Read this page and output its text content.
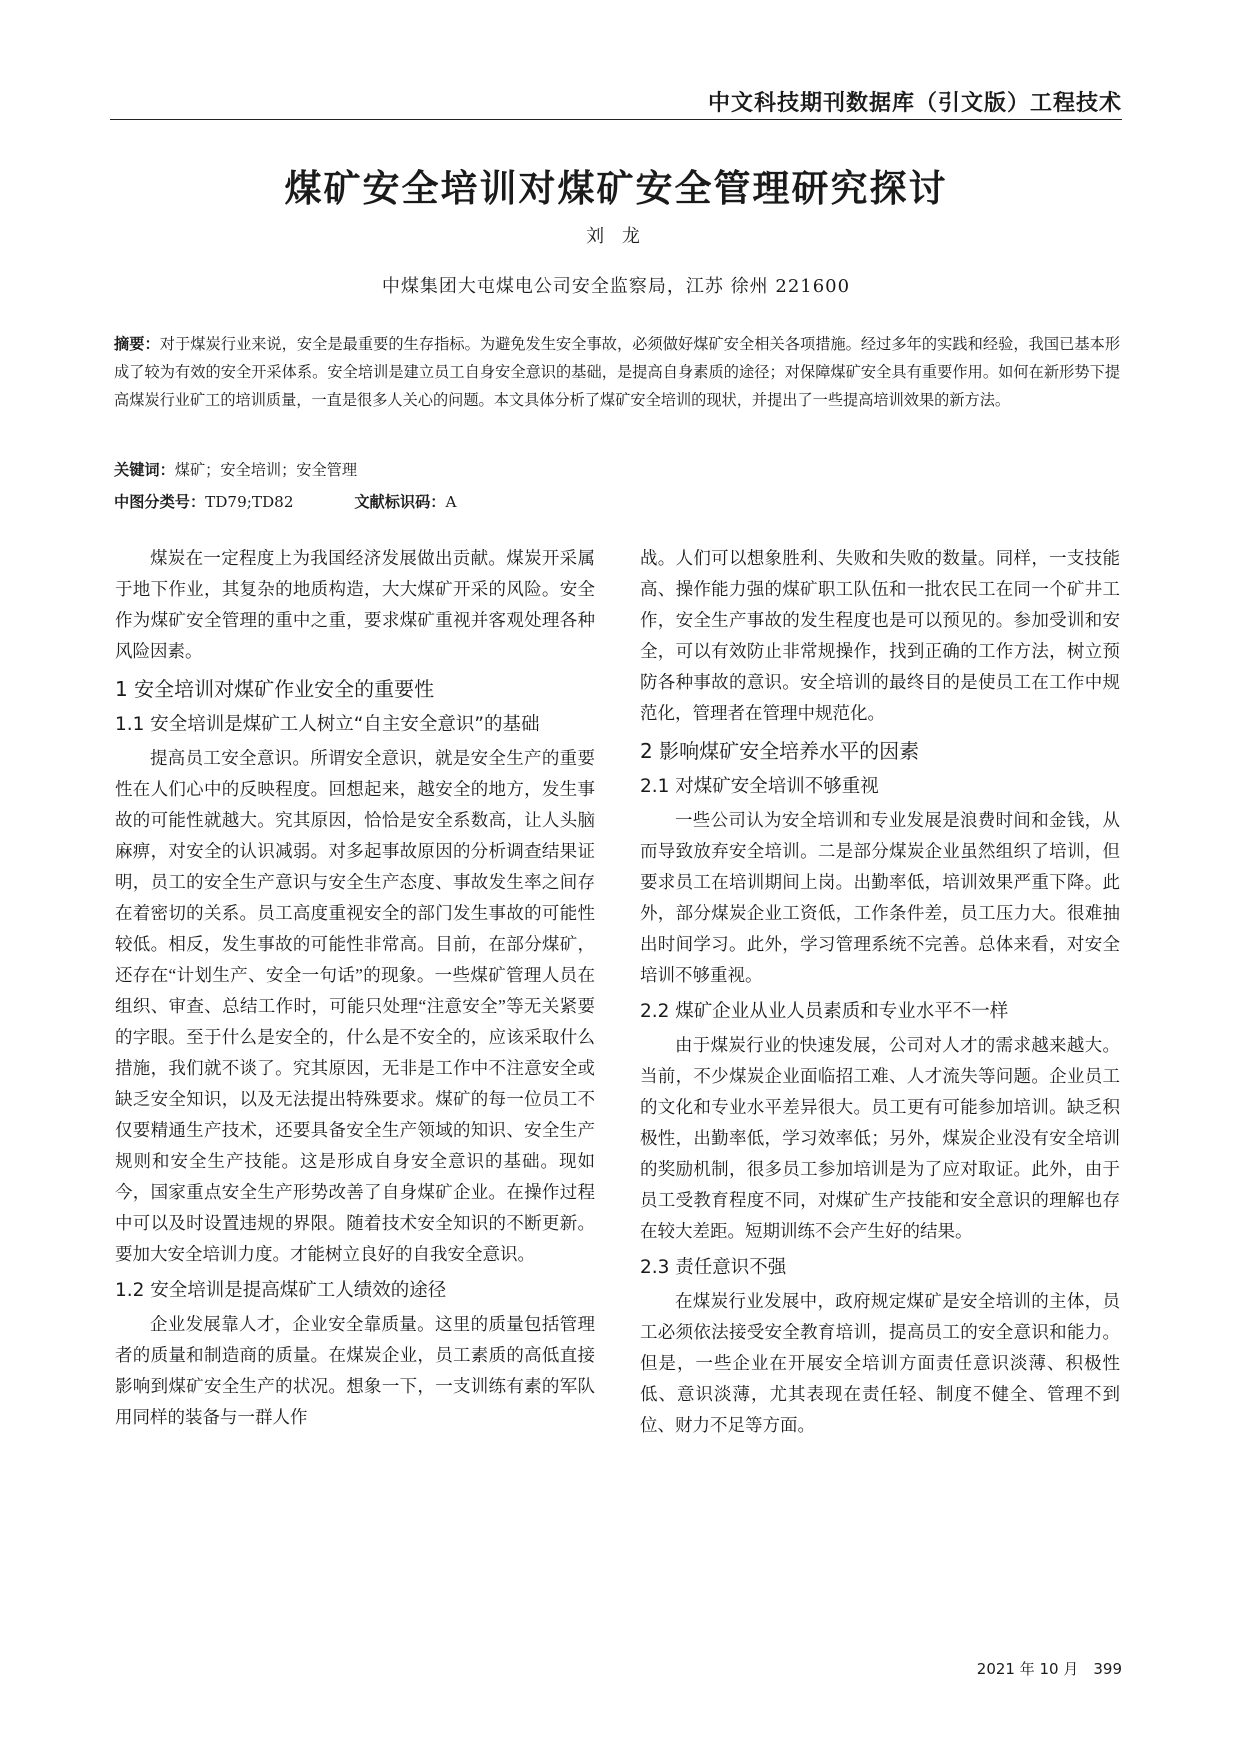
中文科技期刊数据库（引文版）工程技术
煤矿安全培训对煤矿安全管理研究探讨
刘 龙
中煤集团大屯煤电公司安全监察局，江苏 徐州 221600
摘要：对于煤炭行业来说，安全是最重要的生存指标。为避免发生安全事故，必须做好煤矿安全相关各项措施。经过多年的实践和经验，我国已基本形成了较为有效的安全开采体系。安全培训是建立员工自身安全意识的基础，是提高自身素质的途径；对保障煤矿安全具有重要作用。如何在新形势下提高煤炭行业矿工的培训质量，一直是很多人关心的问题。本文具体分析了煤矿安全培训的现状，并提出了一些提高培训效果的新方法。
关键词：煤矿；安全培训；安全管理
中图分类号：TD79;TD82	文献标识码：A

煤炭在一定程度上为我国经济发展做出贡献。煤炭开采属于地下作业，其复杂的地质构造，大大煤矿开采的风险。安全作为煤矿安全管理的重中之重，要求煤矿重视并客观处理各种风险因素。

1 安全培训对煤矿作业安全的重要性
1.1 安全培训是煤矿工人树立“自主安全意识”的基础

提高员工安全意识。所谓安全意识，就是安全生产的重要性在人们心中的反映程度。回想起来，越安全的地方，发生事故的可能性就越大。究其原因，恰恰是安全系数高，让人头脑麻痹，对安全的认识减弱。对多起事故原因的分析调查结果证明，员工的安全生产意识与安全生产态度、事故发生率之间存在着密切的关系。员工高度重视安全的部门发生事故的可能性较低。相反，发生事故的可能性非常高。目前，在部分煤矿，还存在“计划生产、安全一句话”的现象。一些煤矿管理人员在组织、审查、总结工作时，可能只处理“注意安全”等无关紧要的字眼。至于什么是安全的，什么是不安全的，应该采取什么措施，我们就不谈了。究其原因，无非是工作中不注意安全或缺乏安全知识，以及无法提出特殊要求。煤矿的每一位员工不仅要精通生产技术，还要具备安全生产领域的知识、安全生产规则和安全生产技能。这是形成自身安全意识的基础。现如今，国家重点安全生产形势改善了自身煤矿企业。在操作过程中可以及时设置违规的界限。随着技术安全知识的不断更新。要加大安全培训力度。才能树立良好的自我安全意识。

1.2 安全培训是提高煤矿工人绩效的途径

企业发展靠人才，企业安全靠质量。这里的质量包括管理者的质量和制造商的质量。在煤炭企业，员工素质的高低直接影响到煤矿安全生产的状况。想象一下，一支训练有素的军队用同样的装备与一群人作

战。人们可以想象胜利、失败和失败的数量。同样，一支技能高、操作能力强的煤矿职工队伍和一批农民工在同一个矿井工作，安全生产事故的发生程度也是可以预见的。参加受训和安全，可以有效防止非常规操作，找到正确的工作方法，树立预防各种事故的意识。安全培训的最终目的是使员工在工作中规范化，管理者在管理中规范化。

2 影响煤矿安全培养水平的因素
2.1 对煤矿安全培训不够重视

一些公司认为安全培训和专业发展是浪费时间和金钱，从而导致放弃安全培训。二是部分煤炭企业虽然组织了培训，但要求员工在培训期间上岗。出勤率低，培训效果严重下降。此外，部分煤炭企业工资低，工作条件差，员工压力大。很难抽出时间学习。此外，学习管理系统不完善。总体来看，对安全培训不够重视。

2.2 煤矿企业从业人员素质和专业水平不一样

由于煤炭行业的快速发展，公司对人才的需求越来越大。当前，不少煤炭企业面临招工难、人才流失等问题。企业员工的文化和专业水平差异很大。员工更有可能参加培训。缺乏积极性，出勤率低，学习效率低；另外，煤炭企业没有安全培训的奖励机制，很多员工参加培训是为了应对取证。此外，由于员工受教育程度不同，对煤矿生产技能和安全意识的理解也存在较大差距。短期训练不会产生好的结果。

2.3 责任意识不强

在煤炭行业发展中，政府规定煤矿是安全培训的主体，员工必须依法接受安全教育培训，提高员工的安全意识和能力。但是，一些企业在开展安全培训方面责任意识淡薄、积极性低、意识淡薄，尤其表现在责任轻、制度不健全、管理不到位、财力不足等方面。

2021 年 10 月　399
